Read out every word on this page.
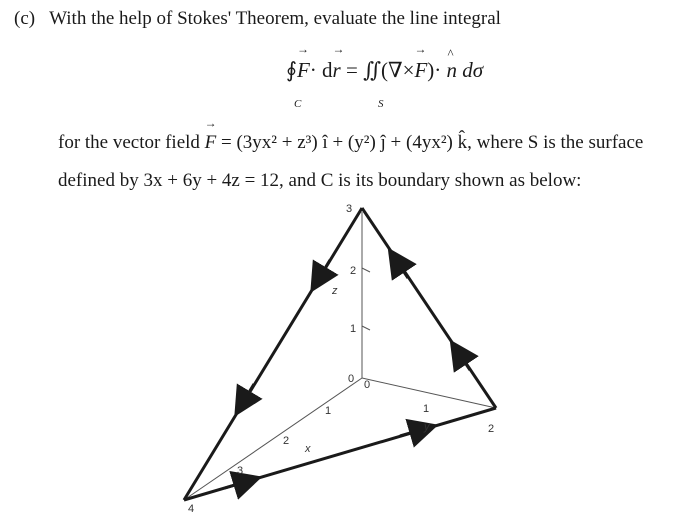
(c) With the help of Stokes' Theorem, evaluate the line integral
∮→ F· d→ r = ∬(∇×→ F)· ^ n dσ
C	S
for the vector field → F = (3yx² + z³) î + (y²) ĵ + (4yx²) k̂, where S is the surface
defined by 3x + 6y + 4z = 12, and C is its boundary shown as below:
3
2
1
0
1
2
3
4
0
1
2
z
x
y
